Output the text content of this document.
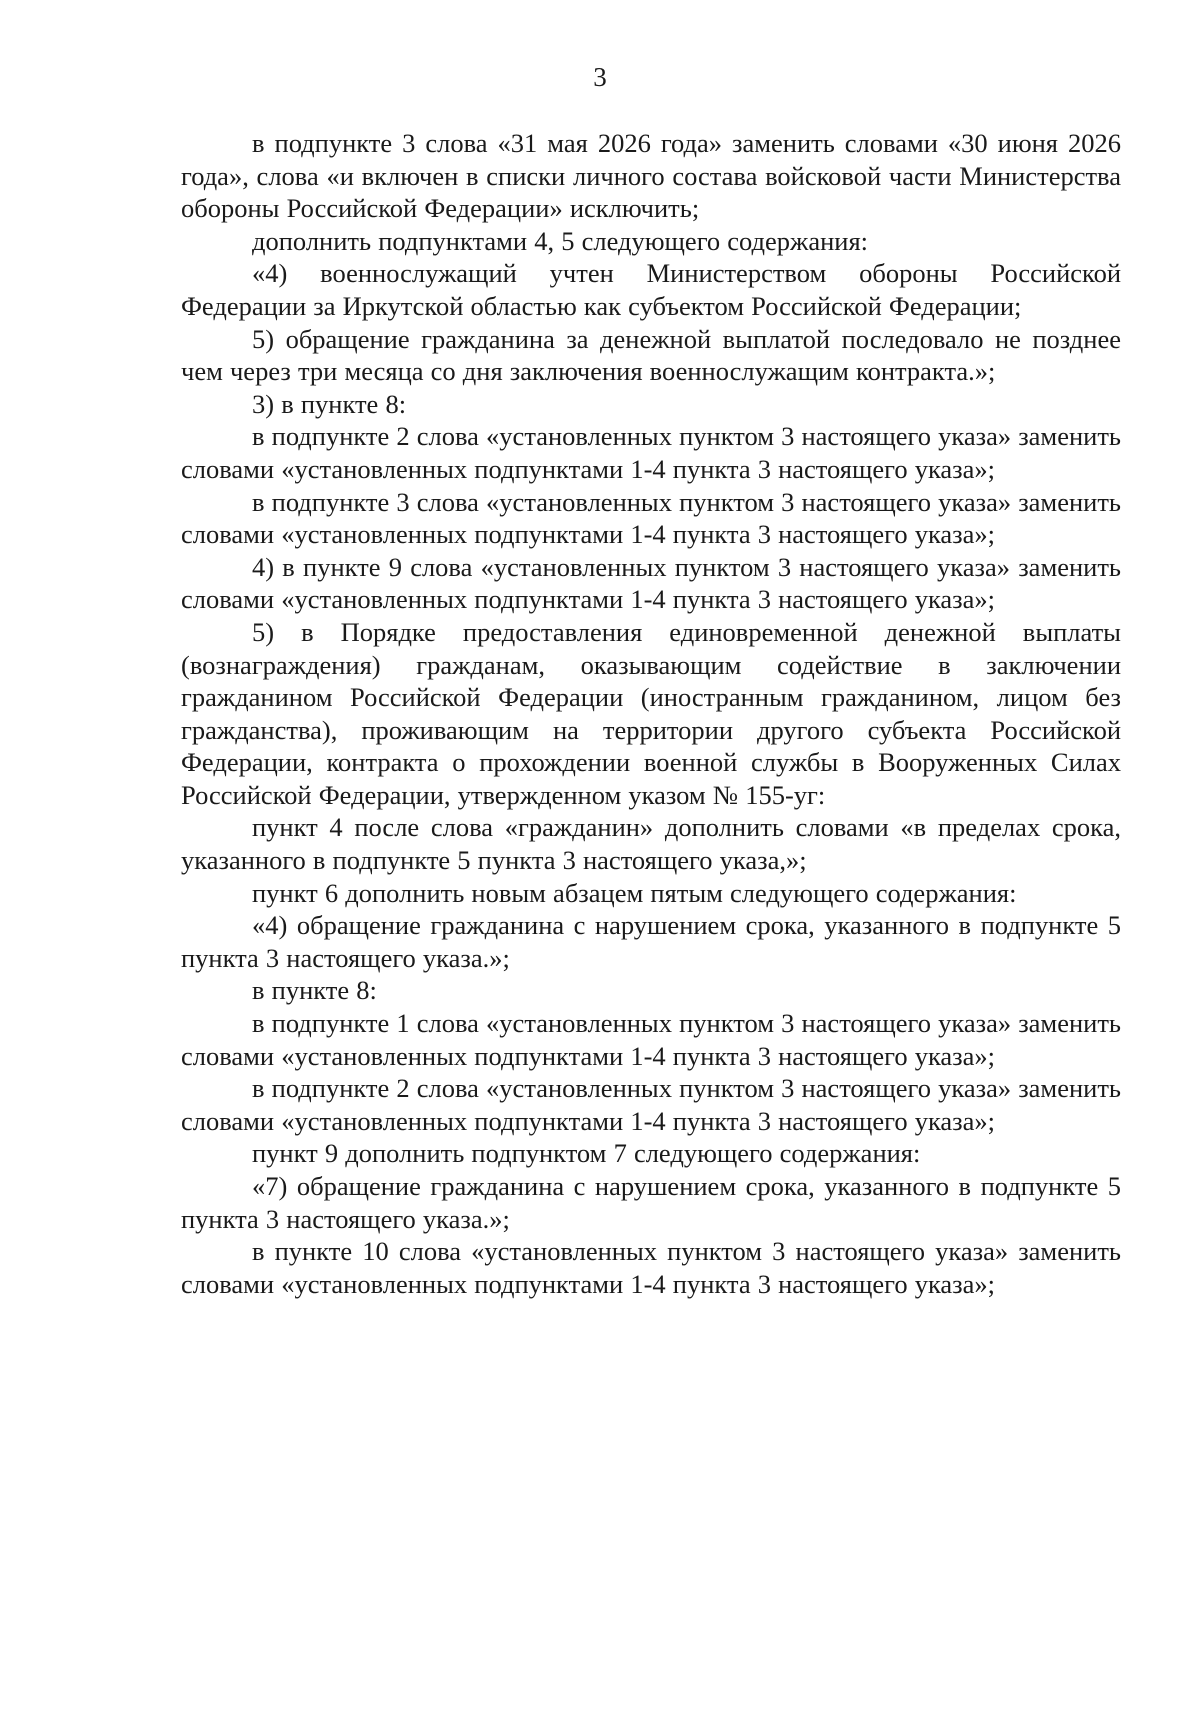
3

в подпункте 3 слова «31 мая 2026 года» заменить словами «30 июня 2026 года», слова «и включен в списки личного состава войсковой части Министерства обороны Российской Федерации» исключить;

дополнить подпунктами 4, 5 следующего содержания:

«4) военнослужащий учтен Министерством обороны Российской Федерации за Иркутской областью как субъектом Российской Федерации;

5) обращение гражданина за денежной выплатой последовало не позднее чем через три месяца со дня заключения военнослужащим контракта.»;

3) в пункте 8:

в подпункте 2 слова «установленных пунктом 3 настоящего указа» заменить словами «установленных подпунктами 1-4 пункта 3 настоящего указа»;

в подпункте 3 слова «установленных пунктом 3 настоящего указа» заменить словами «установленных подпунктами 1-4 пункта 3 настоящего указа»;

4) в пункте 9 слова «установленных пунктом 3 настоящего указа» заменить словами «установленных подпунктами 1-4 пункта 3 настоящего указа»;

5) в Порядке предоставления единовременной денежной выплаты (вознаграждения) гражданам, оказывающим содействие в заключении гражданином Российской Федерации (иностранным гражданином, лицом без гражданства), проживающим на территории другого субъекта Российской Федерации, контракта о прохождении военной службы в Вооруженных Силах Российской Федерации, утвержденном указом № 155-уг:

пункт 4 после слова «гражданин» дополнить словами «в пределах срока, указанного в подпункте 5 пункта 3 настоящего указа,»;

пункт 6 дополнить новым абзацем пятым следующего содержания:

«4) обращение гражданина с нарушением срока, указанного в подпункте 5 пункта 3 настоящего указа.»;

в пункте 8:

в подпункте 1 слова «установленных пунктом 3 настоящего указа» заменить словами «установленных подпунктами 1-4 пункта 3 настоящего указа»;

в подпункте 2 слова «установленных пунктом 3 настоящего указа» заменить словами «установленных подпунктами 1-4 пункта 3 настоящего указа»;

пункт 9 дополнить подпунктом 7 следующего содержания:

«7) обращение гражданина с нарушением срока, указанного в подпункте 5 пункта 3 настоящего указа.»;

в пункте 10 слова «установленных пунктом 3 настоящего указа» заменить словами «установленных подпунктами 1-4 пункта 3 настоящего указа»;
